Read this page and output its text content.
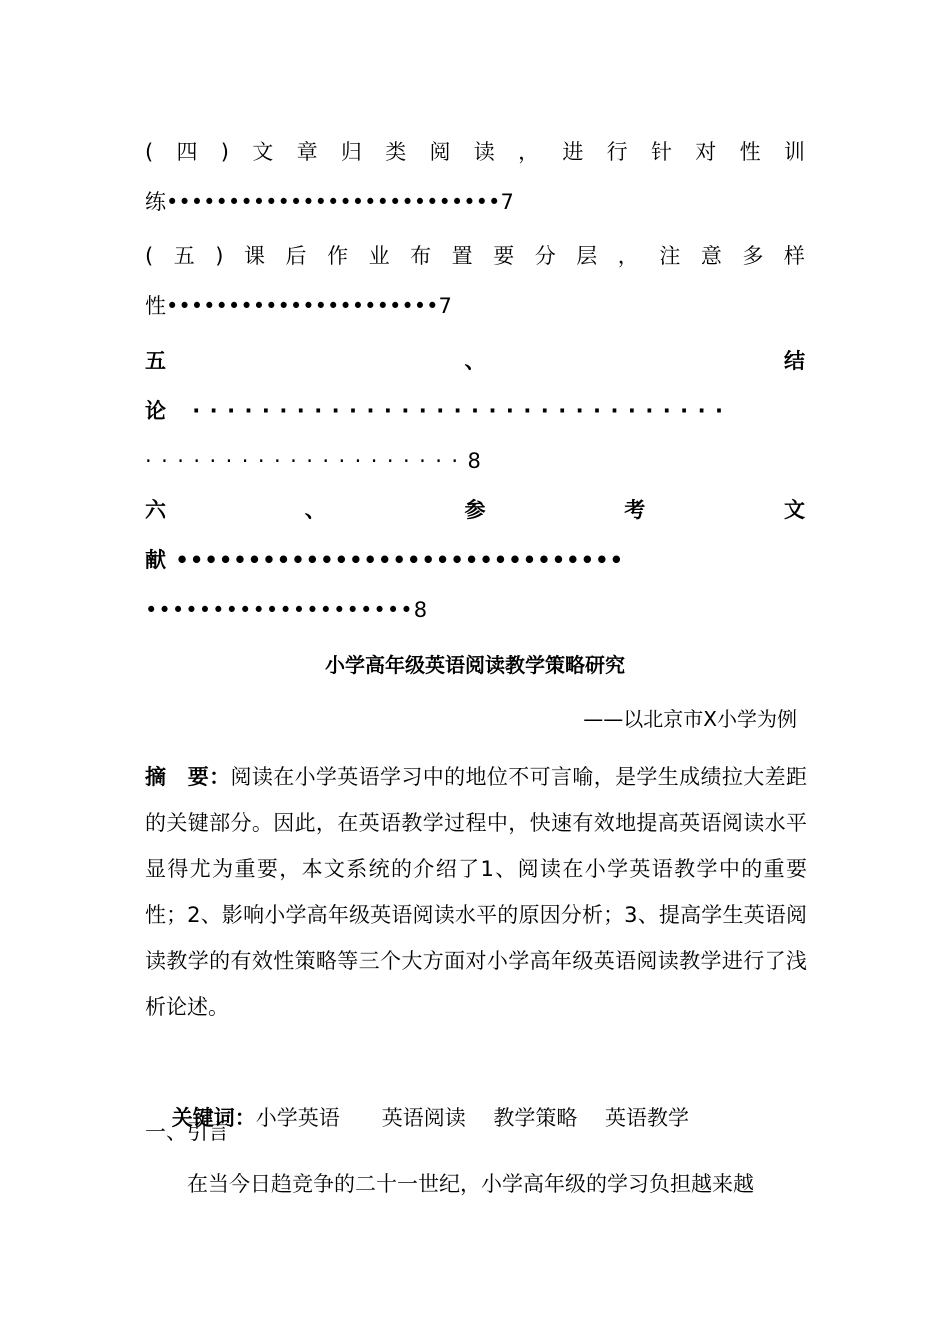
( 四 ) 文 章 归 类 阅 读 ， 进 行 针 对 性 训
练•••••••••••••••••••••••••••7
( 五 ) 课 后 作 业 布 置 要 分 层 ， 注 意 多 样
性••••••••••••••••••••••7
五	、	结
论 ·······························
····················8
六	、	参	考	文
献 •••••••••••••••••••••••••••••••
••••••••••••••••••••8
小学高年级英语阅读教学策略研究
——以北京市X小学为例
摘　要：阅读在小学英语学习中的地位不可言喻，是学生成绩拉大差距的关键部分。因此，在英语教学过程中，快速有效地提高英语阅读水平显得尤为重要，本文系统的介绍了1、阅读在小学英语教学中的重要性；2、影响小学高年级英语阅读水平的原因分析；3、提高学生英语阅读教学的有效性策略等三个大方面对小学高年级英语阅读教学进行了浅析论述。

关键词：小学英语　　英语阅读　 教学策略　 英语教学

一、引言
在当今日趋竞争的二十一世纪，小学高年级的学习负担越来越
